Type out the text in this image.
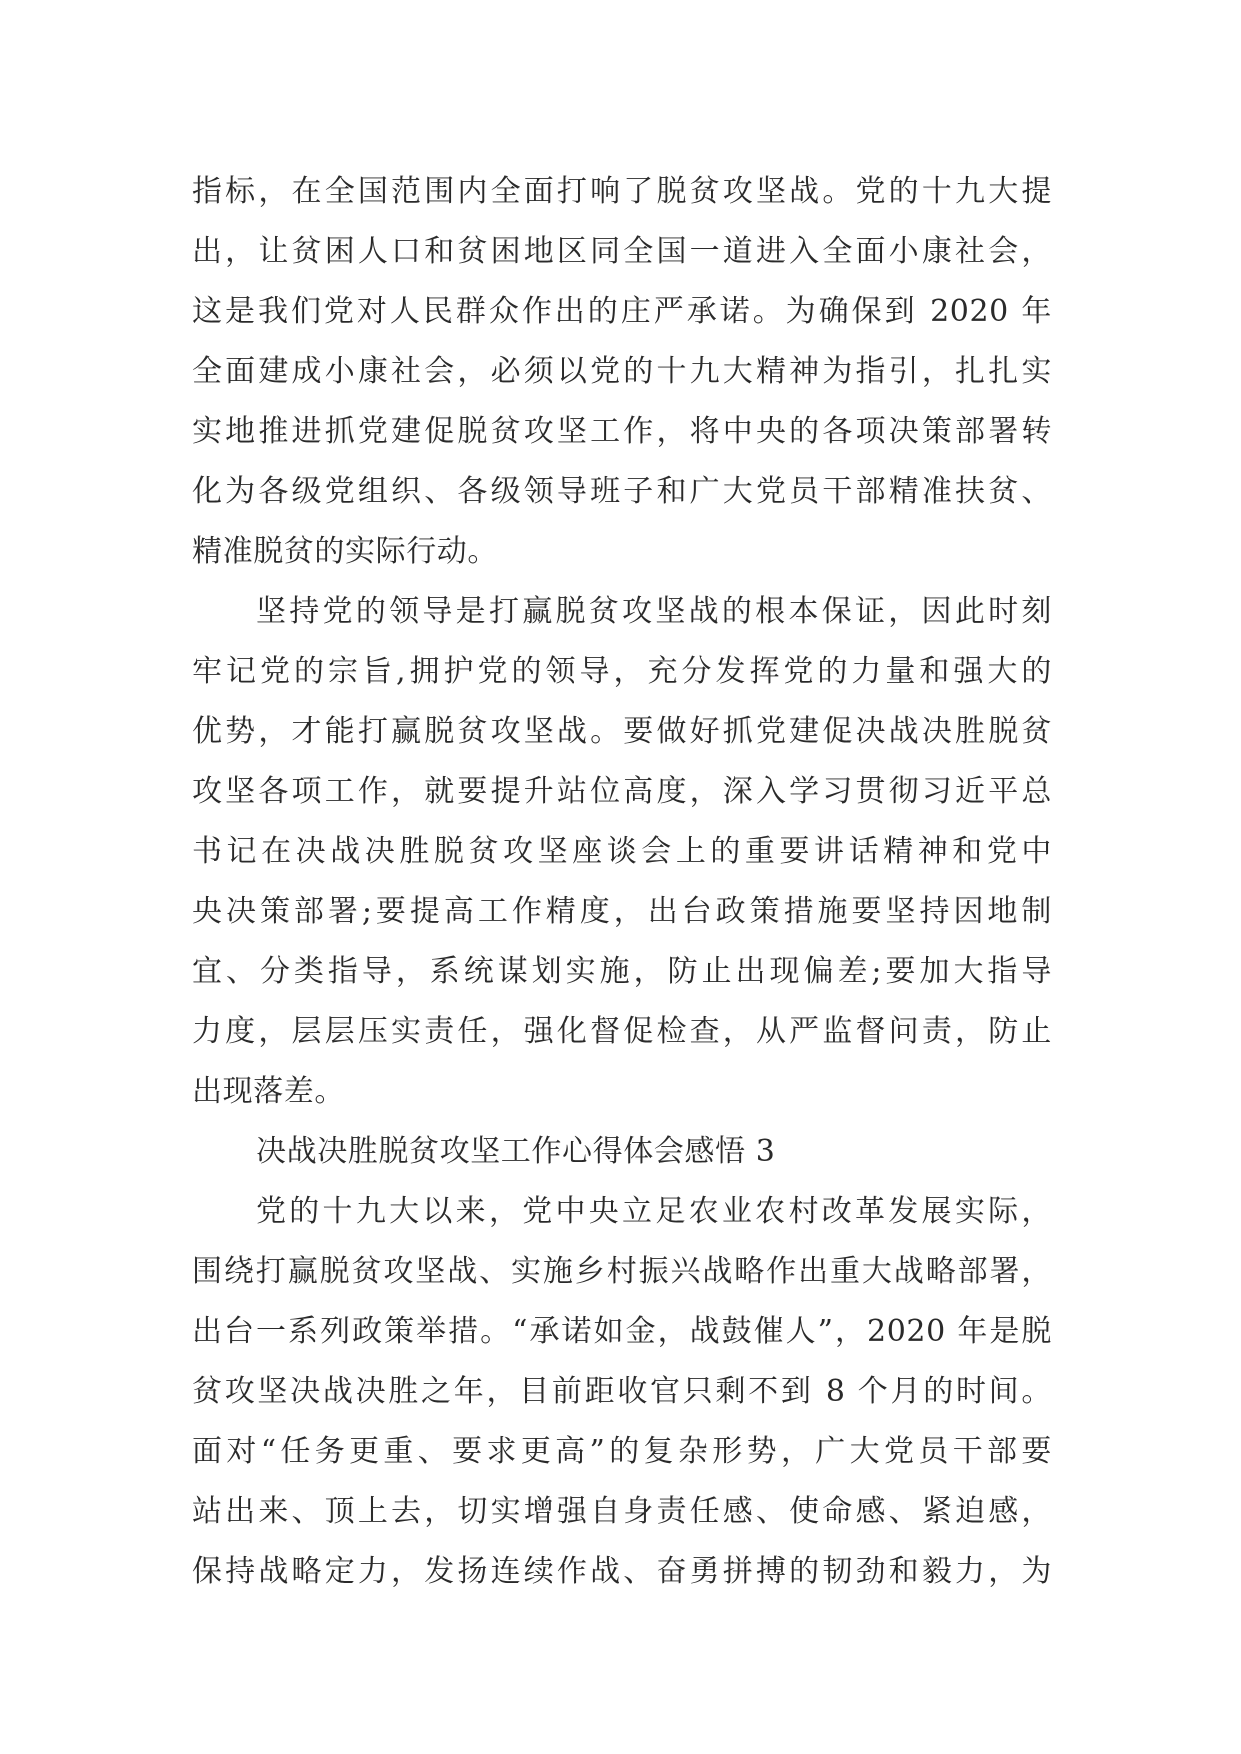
指标，在全国范围内全面打响了脱贫攻坚战。党的十九大提
出，让贫困人口和贫困地区同全国一道进入全面小康社会，
这是我们党对人民群众作出的庄严承诺。为确保到 2020 年
全面建成小康社会，必须以党的十九大精神为指引，扎扎实
实地推进抓党建促脱贫攻坚工作，将中央的各项决策部署转
化为各级党组织、各级领导班子和广大党员干部精准扶贫、
精准脱贫的实际行动。
坚持党的领导是打赢脱贫攻坚战的根本保证，因此时刻
牢记党的宗旨,拥护党的领导，充分发挥党的力量和强大的
优势，才能打赢脱贫攻坚战。要做好抓党建促决战决胜脱贫
攻坚各项工作，就要提升站位高度，深入学习贯彻习近平总
书记在决战决胜脱贫攻坚座谈会上的重要讲话精神和党中
央决策部署;要提高工作精度，出台政策措施要坚持因地制
宜、分类指导，系统谋划实施，防止出现偏差;要加大指导
力度，层层压实责任，强化督促检查，从严监督问责，防止
出现落差。
决战决胜脱贫攻坚工作心得体会感悟 3
党的十九大以来，党中央立足农业农村改革发展实际，
围绕打赢脱贫攻坚战、实施乡村振兴战略作出重大战略部署，
出台一系列政策举措。“承诺如金，战鼓催人”，2020 年是脱
贫攻坚决战决胜之年，目前距收官只剩不到 8 个月的时间。
面对“任务更重、要求更高”的复杂形势，广大党员干部要
站出来、顶上去，切实增强自身责任感、使命感、紧迫感，
保持战略定力，发扬连续作战、奋勇拼搏的韧劲和毅力，为
